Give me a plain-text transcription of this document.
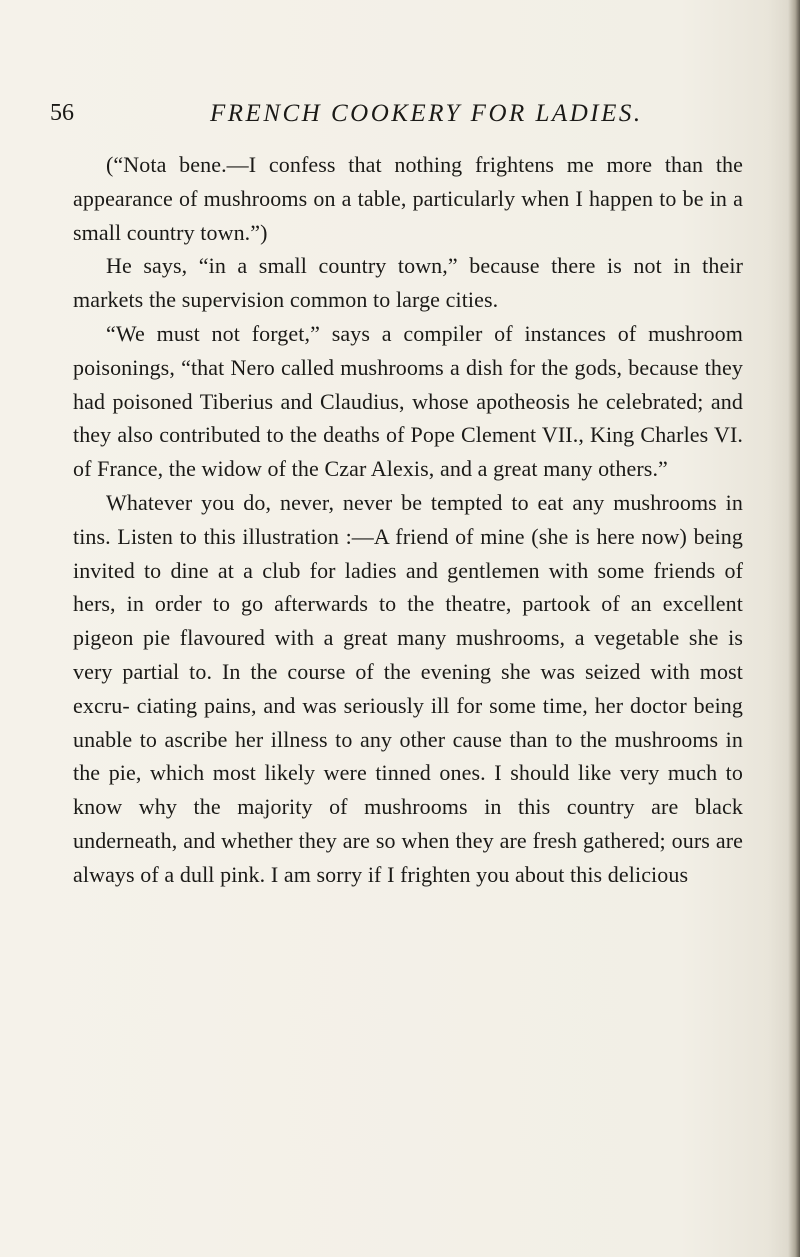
56	FRENCH COOKERY FOR LADIES.

(“Nota bene.—I confess that nothing frightens me more than the appearance of mushrooms on a table, particularly when I happen to be in a small country town.”)

He says, “in a small country town,” because there is not in their markets the supervision common to large cities.

“We must not forget,” says a compiler of instances of mushroom poisonings, “that Nero called mushrooms a dish for the gods, because they had poisoned Tiberius and Claudius, whose apotheosis he celebrated; and they also contributed to the deaths of Pope Clement VII., King Charles VI. of France, the widow of the Czar Alexis, and a great many others.”

Whatever you do, never, never be tempted to eat any mushrooms in tins. Listen to this illustration :—A friend of mine (she is here now) being invited to dine at a club for ladies and gentlemen with some friends of hers, in order to go afterwards to the theatre, partook of an excellent pigeon pie flavoured with a great many mushrooms, a vegetable she is very partial to. In the course of the evening she was seized with most excru- ciating pains, and was seriously ill for some time, her doctor being unable to ascribe her illness to any other cause than to the mushrooms in the pie, which most likely were tinned ones. I should like very much to know why the majority of mushrooms in this country are black underneath, and whether they are so when they are fresh gathered; ours are always of a dull pink. I am sorry if I frighten you about this delicious
